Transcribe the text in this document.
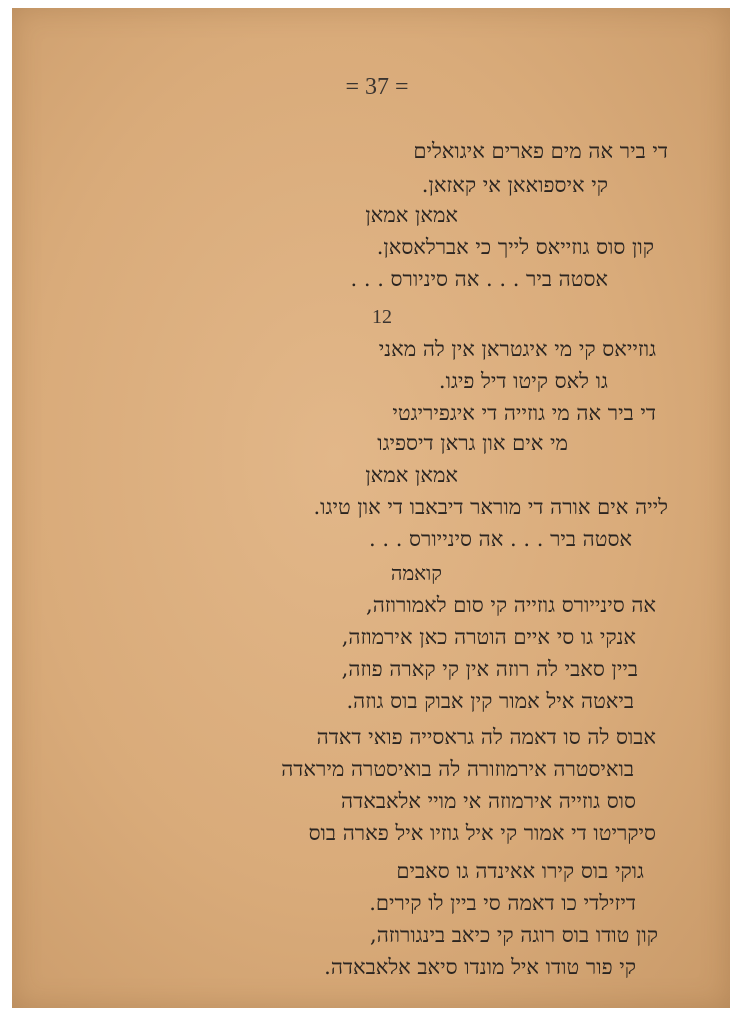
= 37 =
די ביר אה מים פארים איגואלים
קי איספואאן אי קאזאן.
אמאן אמאן
קון סוס גוזייאס לייך כי אברלאסאן.
אסטה ביר . . . אה סיניורס . . .
12
גוזייאס קי מי איגטראן אין לה מאני
גו לאס קיטו דיל פיגו.
די ביר אה מי גוזייה די איגפיריגטי
מי אים און גראן דיספיגו
אמאן אמאן
לייה אים אורה די מוראר דיבאבו די און טיגו.
אסטה ביר . . . אה סינייורס . . .
קואמה
אה סינייורס גוזייה קי סום לאמורוזה,
אנקי גו סי איים הוטרה כאן אירמוזה,
ביין סאבי לה רוזה אין קי קארה פוזה,
ביאטה איל אמור קין אבוק בוס גוזה.
אבוס לה סו דאמה לה גראסייה פואי דאדה
בואיסטרה אירמוזורה לה בואיסטרה מיראדה
סוס גוזייה אירמוזה אי מויי אלאבאדה
סיקריטו די אמור קי איל גוזיו איל פארה בוס
גוקי בוס קירו אאינדה גו סאבים
דיזילדי כו דאמה סי ביין לו קירים.
קון טודו בוס רוגה קי כיאב בינגורוזה,
קי פור טודו איל מונדו סיאב אלאבאדה.
